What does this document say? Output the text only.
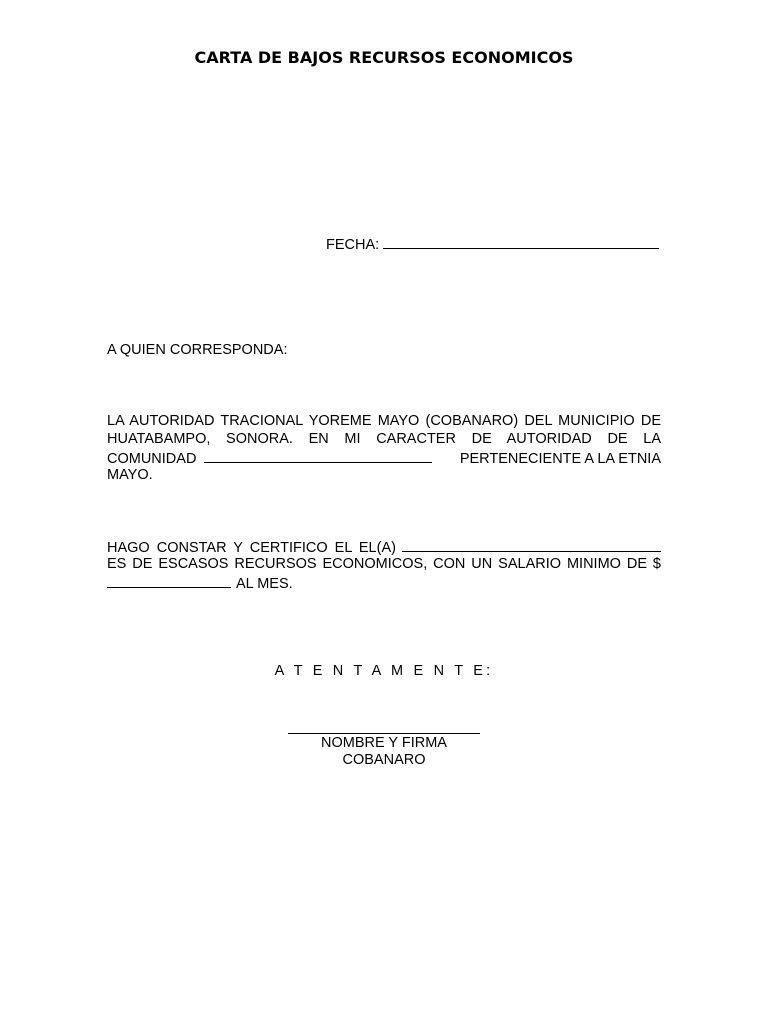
CARTA DE BAJOS RECURSOS ECONOMICOS
FECHA:
A QUIEN CORRESPONDA:
LA AUTORIDAD TRACIONAL YOREME MAYO (COBANARO) DEL MUNICIPIO DE
HUATABAMPO, SONORA. EN MI CARACTER DE AUTORIDAD DE LA
COMUNIDAD	PERTENECIENTE A LA ETNIA
MAYO.
HAGO CONSTAR Y CERTIFICO EL EL(A)
ES DE ESCASOS RECURSOS ECONOMICOS, CON UN SALARIO MINIMO DE $
AL MES.
A T E N T A M E N T E:
NOMBRE Y FIRMA
COBANARO
